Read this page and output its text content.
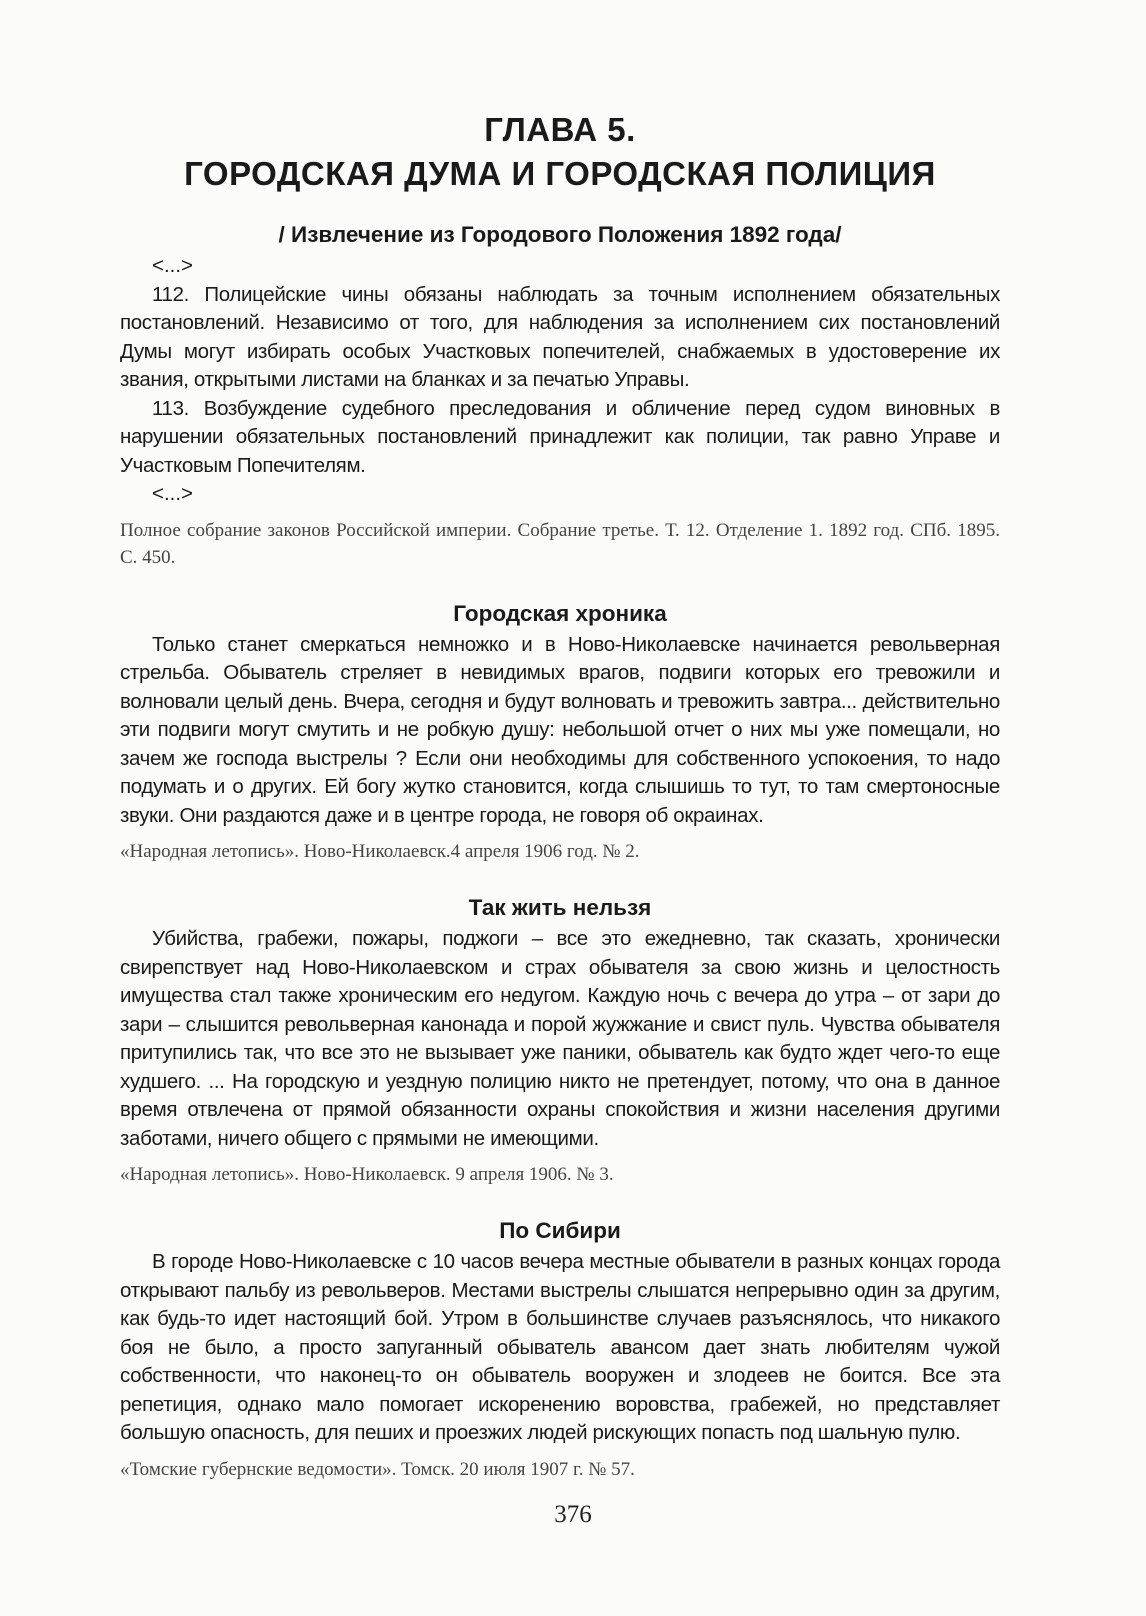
ГЛАВА 5.
ГОРОДСКАЯ ДУМА И ГОРОДСКАЯ ПОЛИЦИЯ
/ Извлечение из Городового Положения 1892 года/

<...>

112. Полицейские чины обязаны наблюдать за точным исполнением обязательных постановлений. Независимо от того, для наблюдения за исполнением сих постановлений Думы могут избирать особых Участковых попечителей, снабжаемых в удостоверение их звания, открытыми листами на бланках и за печатью Управы.

113. Возбуждение судебного преследования и обличение перед судом виновных в нарушении обязательных постановлений принадлежит как полиции, так равно Управе и Участковым Попечителям.

<...>

Полное собрание законов Российской империи. Собрание третье. Т. 12. Отделение 1. 1892 год. СПб. 1895. С. 450.

Городская хроника

Только станет смеркаться немножко и в Ново-Николаевске начинается револьверная стрельба. Обыватель стреляет в невидимых врагов, подвиги которых его тревожили и волновали целый день. Вчера, сегодня и будут волновать и тревожить завтра... действительно эти подвиги могут смутить и не робкую душу: небольшой отчет о них мы уже помещали, но зачем же господа выстрелы ? Если они необходимы для собственного успокоения, то надо подумать и о других. Ей богу жутко становится, когда слышишь то тут, то там смертоносные звуки. Они раздаются даже и в центре города, не говоря об окраинах.

«Народная летопись». Ново-Николаевск.4 апреля 1906 год. № 2.

Так жить нельзя

Убийства, грабежи, пожары, поджоги – все это ежедневно, так сказать, хронически свирепствует над Ново-Николаевском и страх обывателя за свою жизнь и целостность имущества стал также хроническим его недугом. Каждую ночь с вечера до утра – от зари до зари – слышится револьверная канонада и порой жужжание и свист пуль. Чувства обывателя притупились так, что все это не вызывает уже паники, обыватель как будто ждет чего-то еще худшего. ... На городскую и уездную полицию никто не претендует, потому, что она в данное время отвлечена от прямой обязанности охраны спокойствия и жизни населения другими заботами, ничего общего с прямыми не имеющими.

«Народная летопись». Ново-Николаевск. 9 апреля 1906. № 3.

По Сибири

В городе Ново-Николаевске с 10 часов вечера местные обыватели в разных концах города открывают пальбу из револьверов. Местами выстрелы слышатся непрерывно один за другим, как будь-то идет настоящий бой. Утром в большинстве случаев разъяснялось, что никакого боя не было, а просто запуганный обыватель авансом дает знать любителям чужой собственности, что наконец-то он обыватель вооружен и злодеев не боится. Все эта репетиция, однако мало помогает искоренению воровства, грабежей, но представляет большую опасность, для пеших и проезжих людей рискующих попасть под шальную пулю.

«Томские губернские ведомости». Томск. 20 июля 1907 г. № 57.

376
